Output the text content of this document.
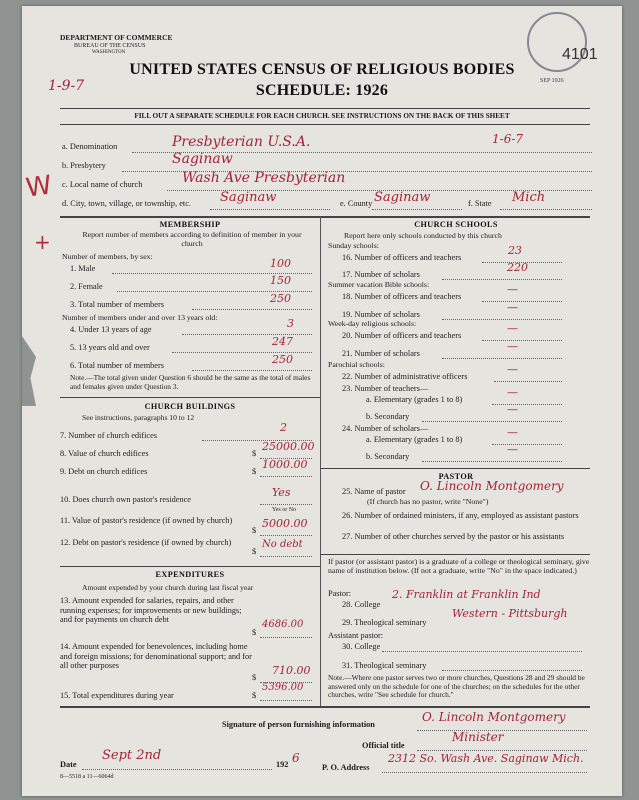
DEPARTMENT OF COMMERCE
BUREAU OF THE CENSUS
WASHINGTON
SEP 1926
4101
UNITED STATES CENSUS OF RELIGIOUS BODIES
SCHEDULE: 1926
1-9-7
FILL OUT A SEPARATE SCHEDULE FOR EACH CHURCH. SEE INSTRUCTIONS ON THE BACK OF THIS SHEET
a. Denomination	Presbyterian U.S.A.	1-6-7
b. Presbytery	Saginaw
c. Local name of church	Wash Ave Presbyterian
d. City, town, village, or township, etc. Saginaw	e. County Saginaw	f. State Mich
W
+
MEMBERSHIP
Report number of members according to definition of member in your church
Number of members, by sex:
1. Male	100
2. Female	150
3. Total number of members	250
Number of members under and over 13 years old:
4. Under 13 years of age	3
5. 13 years old and over	247
6. Total number of members	250
Note.—The total given under Question 6 should be the same as the total of males and females given under Question 3.
CHURCH BUILDINGS
See instructions, paragraphs 10 to 12
7. Number of church edifices
2
8. Value of church edifices	$
25000.00
9. Debt on church edifices	$
1000.00
10. Does church own pastor's residence
Yes
Yes or No
11. Value of pastor's residence (if owned by church)
$
5000.00
12. Debt on pastor's residence (if owned by church)
$
No debt
EXPENDITURES
Amount expended by your church during last fiscal year
13. Amount expended for salaries, repairs, and other running expenses; for improvements or new buildings; and for payments on church debt
$
4686.00
14. Amount expended for benevolences, including home and foreign missions; for denominational support; and for all other purposes
$
710.00
15. Total expenditures during year	$
5396.00
CHURCH SCHOOLS
Report here only schools conducted by this church
Sunday schools:
16. Number of officers and teachers
23
17. Number of scholars
220
Summer vacation Bible schools:
18. Number of officers and teachers
—
19. Number of scholars
—
Week-day religious schools:
20. Number of officers and teachers
—
21. Number of scholars
—
Parochial schools:
22. Number of administrative officers
—
23. Number of teachers—
a. Elementary (grades 1 to 8)
—
b. Secondary
—
24. Number of scholars—
a. Elementary (grades 1 to 8)
—
b. Secondary
—
PASTOR
25. Name of pastor O. Lincoln Montgomery
(If church has no pastor, write "None")
26. Number of ordained ministers, if any, employed as assistant pastors
27. Number of other churches served by the pastor or his assistants
If pastor (or assistant pastor) is a graduate of a college or theological seminary, give name of institution below. (If not a graduate, write "No" in the space indicated.)
Pastor:
28. College
2. Franklin at Franklin Ind
29. Theological seminary
Western - Pittsburgh
Assistant pastor:
30. College
31. Theological seminary
Note.—Where one pastor serves two or more churches, Questions 28 and 29 should be answered only on the schedule for one of the churches; on the schedules for the other churches, write "See schedule for church."
Signature of person furnishing information
O. Lincoln Montgomery
Official title
Minister
Date
Sept 2nd
192 6
P. O. Address
2312 So. Wash Ave. Saginaw Mich.
8—5518 a 11—6064d
